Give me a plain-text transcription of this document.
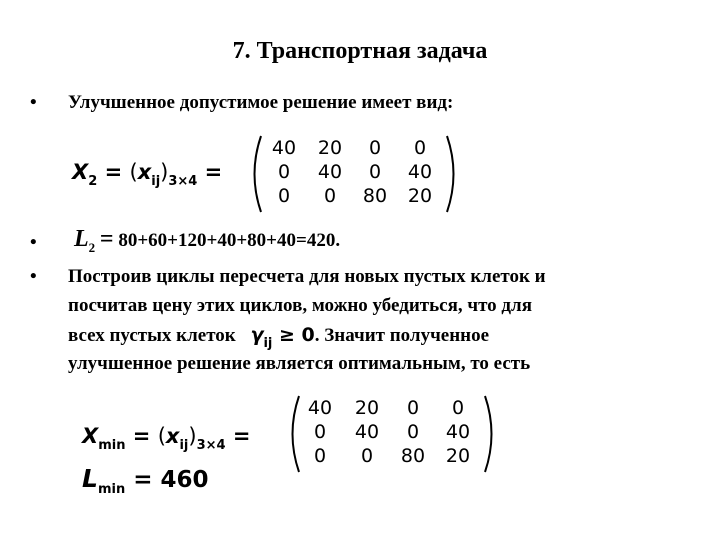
7. Транспортная задача
• Улучшенное допустимое решение имеет вид:
$X_2 = (x_{ij})_{3\times 4}$ =
40	20	0	0
0	40	0	40
0	0	80	20
• $L_2 = 80+60+120+40+80+40=420$.
• Построив циклы пересчета для новых пустых клеток и
посчитав цену этих циклов, можно убедиться, что для
всех пустых клеток $\gamma_{ij} \ge 0$. Значит полученное
улучшенное решение является оптимальным, то есть
$X_{min} = (x_{ij})_{3\times 4}$ =
40	20	0	0
0	40	0	40
0	0	80	20
$L_{min} = 460$
